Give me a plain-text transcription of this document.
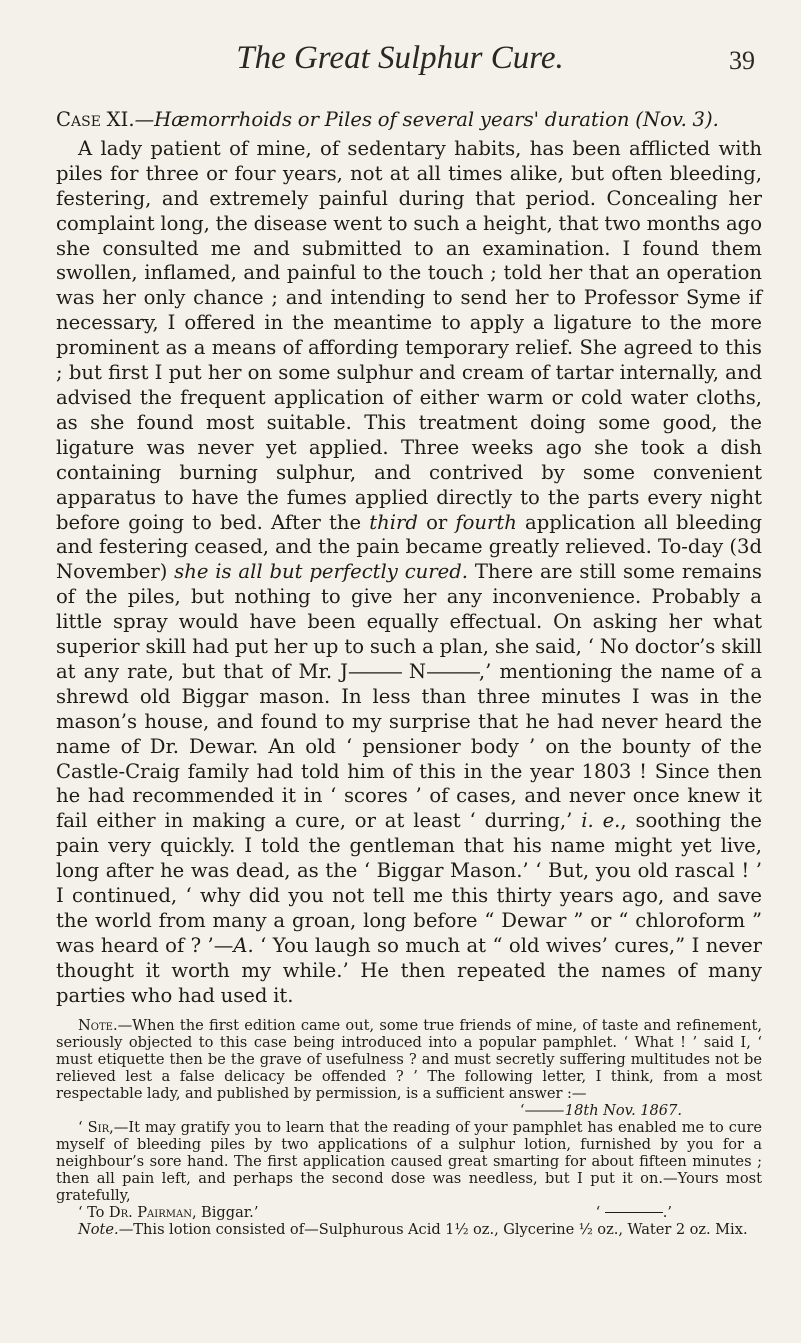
The Great Sulphur Cure.	39

Case XI.—Hæmorrhoids or Piles of several years' duration (Nov. 3).

A lady patient of mine, of sedentary habits, has been afflicted with piles for three or four years, not at all times alike, but often bleeding, festering, and extremely painful during that period. Concealing her complaint long, the disease went to such a height, that two months ago she consulted me and submitted to an examination. I found them swollen, inflamed, and painful to the touch ; told her that an operation was her only chance ; and intending to send her to Professor Syme if necessary, I offered in the meantime to apply a ligature to the more prominent as a means of affording temporary relief. She agreed to this ; but first I put her on some sulphur and cream of tartar internally, and advised the frequent application of either warm or cold water cloths, as she found most suitable. This treatment doing some good, the ligature was never yet applied. Three weeks ago she took a dish containing burning sulphur, and contrived by some convenient apparatus to have the fumes applied directly to the parts every night before going to bed. After the third or fourth application all bleeding and festering ceased, and the pain became greatly relieved. To-day (3d November) she is all but perfectly cured. There are still some remains of the piles, but nothing to give her any inconvenience. Probably a little spray would have been equally effectual. On asking her what superior skill had put her up to such a plan, she said, ‘ No doctor’s skill at any rate, but that of Mr. J——— N———,’ mentioning the name of a shrewd old Biggar mason. In less than three minutes I was in the mason’s house, and found to my surprise that he had never heard the name of Dr. Dewar. An old ‘ pensioner body ’ on the bounty of the Castle-Craig family had told him of this in the year 1803 ! Since then he had recommended it in ‘ scores ’ of cases, and never once knew it fail either in making a cure, or at least ‘ durring,’ i. e., soothing the pain very quickly. I told the gentleman that his name might yet live, long after he was dead, as the ‘ Biggar Mason.’ ‘ But, you old rascal ! ’ I continued, ‘ why did you not tell me this thirty years ago, and save the world from many a groan, long before “ Dewar ” or “ chloroform ” was heard of ? ’—A. ‘ You laugh so much at “ old wives’ cures,” I never thought it worth my while.’ He then repeated the names of many parties who had used it.

Note.—When the first edition came out, some true friends of mine, of taste and refinement, seriously objected to this case being introduced into a popular pamphlet. ‘ What ! ’ said I, ‘ must etiquette then be the grave of usefulness ? and must secretly suffering multitudes not be relieved lest a false delicacy be offended ? ’ The following letter, I think, from a most respectable lady, and published by permission, is a sufficient answer :—

‘——— 18th Nov. 1867.

‘ Sir,—It may gratify you to learn that the reading of your pamphlet has enabled me to cure myself of bleeding piles by two applications of a sulphur lotion, furnished by you for a neighbour’s sore hand. The first application caused great smarting for about fifteen minutes ; then all pain left, and perhaps the second dose was needless, but I put it on.—Yours most gratefully,

‘ To Dr. Pairman, Biggar.’	‘	.’

Note.—This lotion consisted of—Sulphurous Acid 1½ oz., Glycerine ½ oz., Water 2 oz. Mix.
